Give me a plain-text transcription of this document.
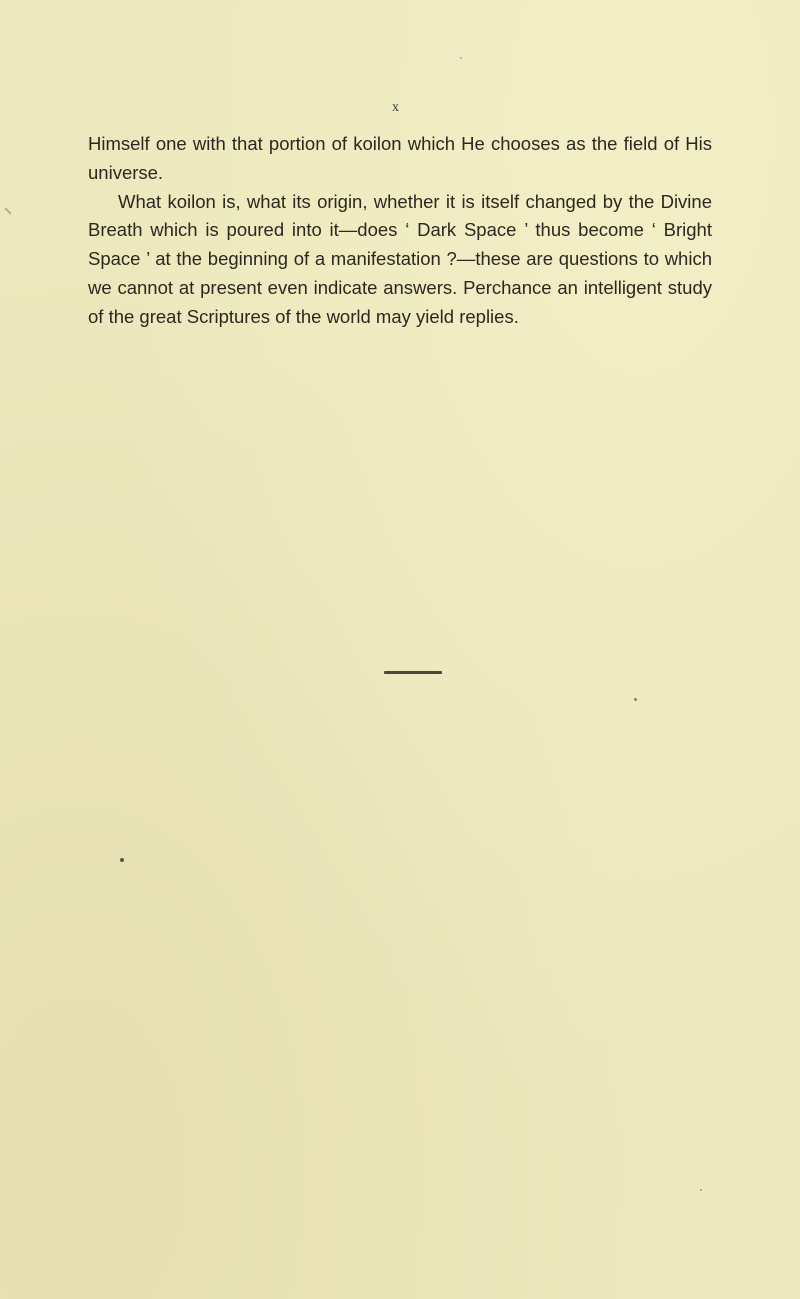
x

Himself one with that portion of koilon which He chooses as the field of His universe.

What koilon is, what its origin, whether it is itself changed by the Divine Breath which is poured into it—does ‘ Dark Space ’ thus become ‘ Bright Space ’ at the beginning of a manifestation ?—these are questions to which we cannot at present even indicate answers. Perchance an intelligent study of the great Scriptures of the world may yield replies.
